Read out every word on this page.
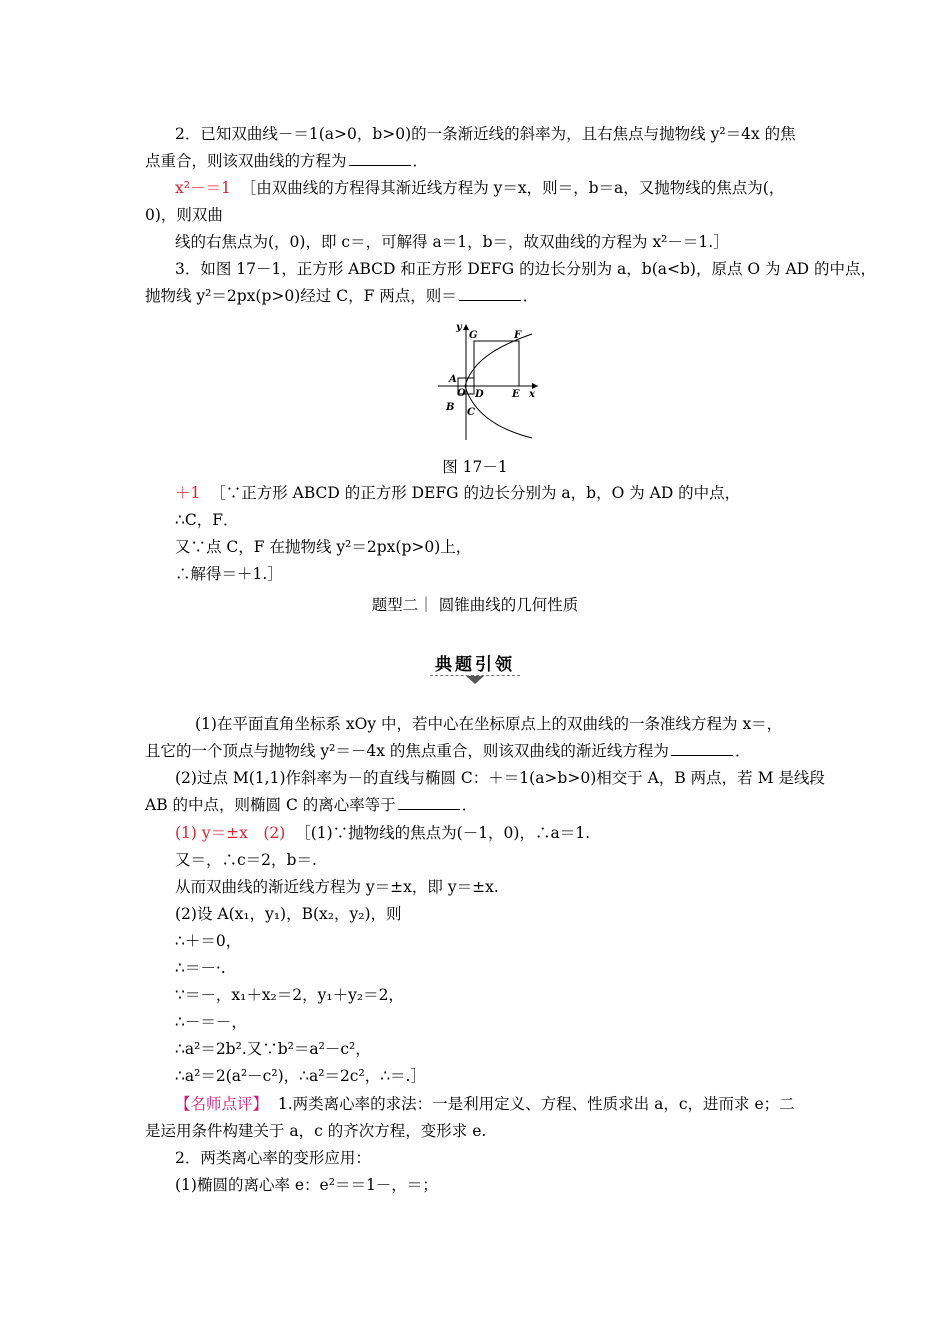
2．已知双曲线－＝1(a>0，b>0)的一条渐近线的斜率为，且右焦点与抛物线 y²＝4x 的焦
点重合，则该双曲线的方程为	．
x²－＝1 ［由双曲线的方程得其渐近线方程为 y＝x，则＝，b＝a，又抛物线的焦点为(，
0)，则双曲
线的右焦点为(，0)，即 c＝，可解得 a＝1，b＝，故双曲线的方程为 x²－＝1.］
3．如图 17－1，正方形 ABCD 和正方形 DEFG 的边长分别为 a，b(a<b)，原点 O 为 AD 的中点，
抛物线 y²＝2px(p>0)经过 C，F 两点，则＝	．
y
G	F
A
O D	E x
B C
图 17－1
＋1 ［∵正方形 ABCD 的正方形 DEFG 的边长分别为 a，b，O 为 AD 的中点，
∴C，F．
又∵点 C，F 在抛物线 y²＝2px(p>0)上，
∴解得＝＋1.］
题型二｜ 圆锥曲线的几何性质
典题引领
(1)在平面直角坐标系 xOy 中，若中心在坐标原点上的双曲线的一条准线方程为 x＝，
且它的一个顶点与抛物线 y²＝－4x 的焦点重合，则该双曲线的渐近线方程为	．
(2)过点 M(1,1)作斜率为－的直线与椭圆 C：＋＝1(a>b>0)相交于 A，B 两点，若 M 是线段
AB 的中点，则椭圆 C 的离心率等于	．
(1) y＝±x　(2) ［(1)∵抛物线的焦点为(－1，0)，∴a＝1.
又＝，∴c＝2，b＝.
从而双曲线的渐近线方程为 y＝±x，即 y＝±x.
(2)设 A(x₁，y₁)，B(x₂，y₂)，则
∴＋＝0，
∴＝－·.
∵＝－，x₁＋x₂＝2，y₁＋y₂＝2，
∴－＝－，
∴a²＝2b².又∵b²＝a²－c²，
∴a²＝2(a²－c²)，∴a²＝2c²，∴＝.］
【名师点评】 1.两类离心率的求法：一是利用定义、方程、性质求出 a，c，进而求 e；二
是运用条件构建关于 a，c 的齐次方程，变形求 e.
2．两类离心率的变形应用：
(1)椭圆的离心率 e：e²＝＝1－，＝；
